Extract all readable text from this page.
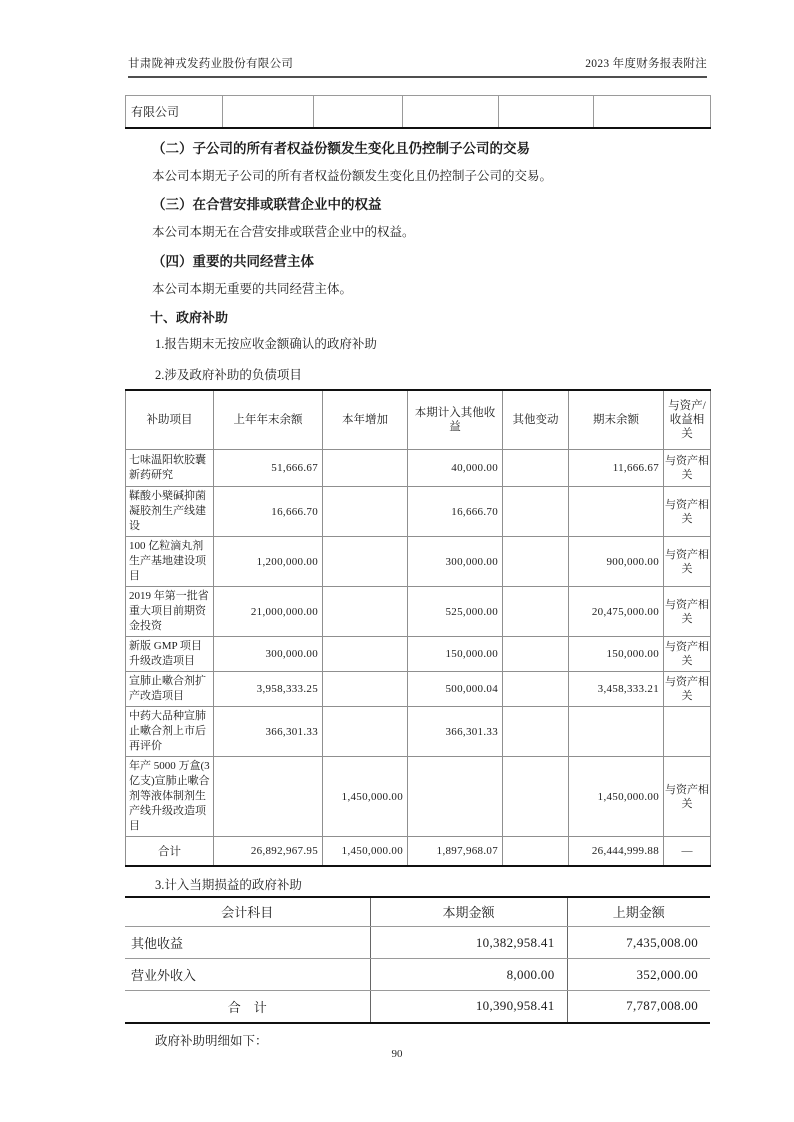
甘肃陇神戎发药业股份有限公司	2023 年度财务报表附注
有限公司					
（二）子公司的所有者权益份额发生变化且仍控制子公司的交易
本公司本期无子公司的所有者权益份额发生变化且仍控制子公司的交易。
（三）在合营安排或联营企业中的权益
本公司本期无在合营安排或联营企业中的权益。
（四）重要的共同经营主体
本公司本期无重要的共同经营主体。
十、政府补助
1.报告期末无按应收金额确认的政府补助
2.涉及政府补助的负债项目
补助项目	上年年末余额	本年增加	本期计入其他收益	其他变动	期末余额	与资产/收益相关
七味温阳软胶囊新药研究	51,666.67		40,000.00		11,666.67	与资产相关
鞣酸小檗碱抑菌凝胶剂生产线建设	16,666.70		16,666.70			与资产相关
100 亿粒滴丸剂生产基地建设项目	1,200,000.00		300,000.00		900,000.00	与资产相关
2019 年第一批省重大项目前期资金投资	21,000,000.00		525,000.00		20,475,000.00	与资产相关
新版 GMP 项目升级改造项目	300,000.00		150,000.00		150,000.00	与资产相关
宣肺止嗽合剂扩产改造项目	3,958,333.25		500,000.04		3,458,333.21	与资产相关
中药大品种宣肺止嗽合剂上市后再评价	366,301.33		366,301.33			
年产 5000 万盒(3 亿支)宣肺止嗽合剂等液体制剂生产线升级改造项目		1,450,000.00			1,450,000.00	与资产相关
合计	26,892,967.95	1,450,000.00	1,897,968.07		26,444,999.88	—
3.计入当期损益的政府补助
会计科目	本期金额	上期金额
其他收益	10,382,958.41	7,435,008.00
营业外收入	8,000.00	352,000.00
合　计	10,390,958.41	7,787,008.00
政府补助明细如下：
90
